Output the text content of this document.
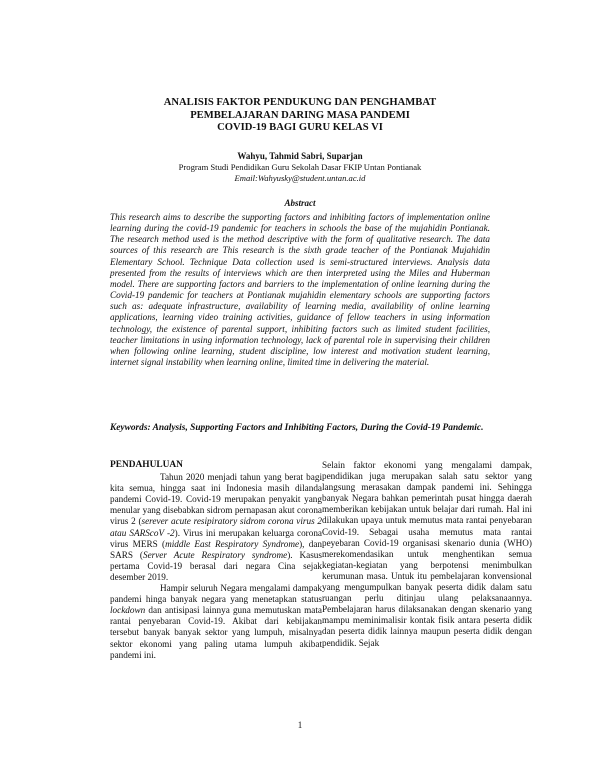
ANALISIS FAKTOR PENDUKUNG DAN PENGHAMBAT
PEMBELAJARAN DARING MASA PANDEMI
COVID-19 BAGI GURU KELAS VI
Wahyu, Tahmid Sabri, Suparjan
Program Studi Pendidikan Guru Sekolah Dasar FKIP Untan Pontianak
Email:Wahyusky@student.untan.ac.id
Abstract
This research aims to describe the supporting factors and inhibiting factors of implementation online learning during the covid-19 pandemic for teachers in schools the base of the mujahidin Pontianak. The research method used is the method descriptive with the form of qualitative research. The data sources of this research are This research is the sixth grade teacher of the Pontianak Mujahidin Elementary School. Technique Data collection used is semi-structured interviews. Analysis data presented from the results of interviews which are then interpreted using the Miles and Huberman model. There are supporting factors and barriers to the implementation of online learning during the Covid-19 pandemic for teachers at Pontianak mujahidin elementary schools are supporting factors such as: adequate infrastructure, availability of learning media, availability of online learning applications, learning video training activities, guidance of fellow teachers in using information technology, the existence of parental support, inhibiting factors such as limited student facilities, teacher limitations in using information technology, lack of parental role in supervising their children when following online learning, student discipline, low interest and motivation student learning, internet signal instability when learning online, limited time in delivering the material.
Keywords: Analysis, Supporting Factors and Inhibiting Factors, During the Covid-19 Pandemic.
PENDAHULUAN

Tahun 2020 menjadi tahun yang berat bagi kita semua, hingga saat ini Indonesia masih dilanda pandemi Covid-19. Covid-19 merupakan penyakit yang menular yang disebabkan sidrom pernapasan akut corona virus 2 (serever acute resipiratory sidrom corona virus 2 atau SARScoV -2). Virus ini merupakan keluarga corona virus MERS (middle East Respiratory Syndrome), dan SARS (Server Acute Respiratory syndrome). Kasus pertama Covid-19 berasal dari negara Cina sejak desember 2019.

Hampir seluruh Negara mengalami dampak pandemi hinga banyak negara yang menetapkan status lockdown dan antisipasi lainnya guna memutuskan mata rantai penyebaran Covid-19. Akibat dari kebijakan tersebut banyak banyak sektor yang lumpuh, misalnya sektor ekonomi yang paling utama lumpuh akibat pandemi ini.

Selain faktor ekonomi yang mengalami dampak, pendidikan juga merupakan salah satu sektor yang langsung merasakan dampak pandemi ini. Sehingga banyak Negara bahkan pemerintah pusat hingga daerah memberikan kebijakan untuk belajar dari rumah. Hal ini dilakukan upaya untuk memutus mata rantai penyebaran Covid-19. Sebagai usaha memutus mata rantai peyebaran Covid-19 organisasi skenario dunia (WHO) merekomendasikan untuk menghentikan semua kegiatan-kegiatan yang berpotensi menimbulkan kerumunan masa. Untuk itu pembelajaran konvensional yang mengumpulkan banyak peserta didik dalam satu ruangan perlu ditinjau ulang pelaksanaannya. Pembelajaran harus dilaksanakan dengan skenario yang mampu meminimalisir kontak fisik antara peserta didik dan peserta didik lainnya maupun peserta didik dengan pendidik. Sejak

1
